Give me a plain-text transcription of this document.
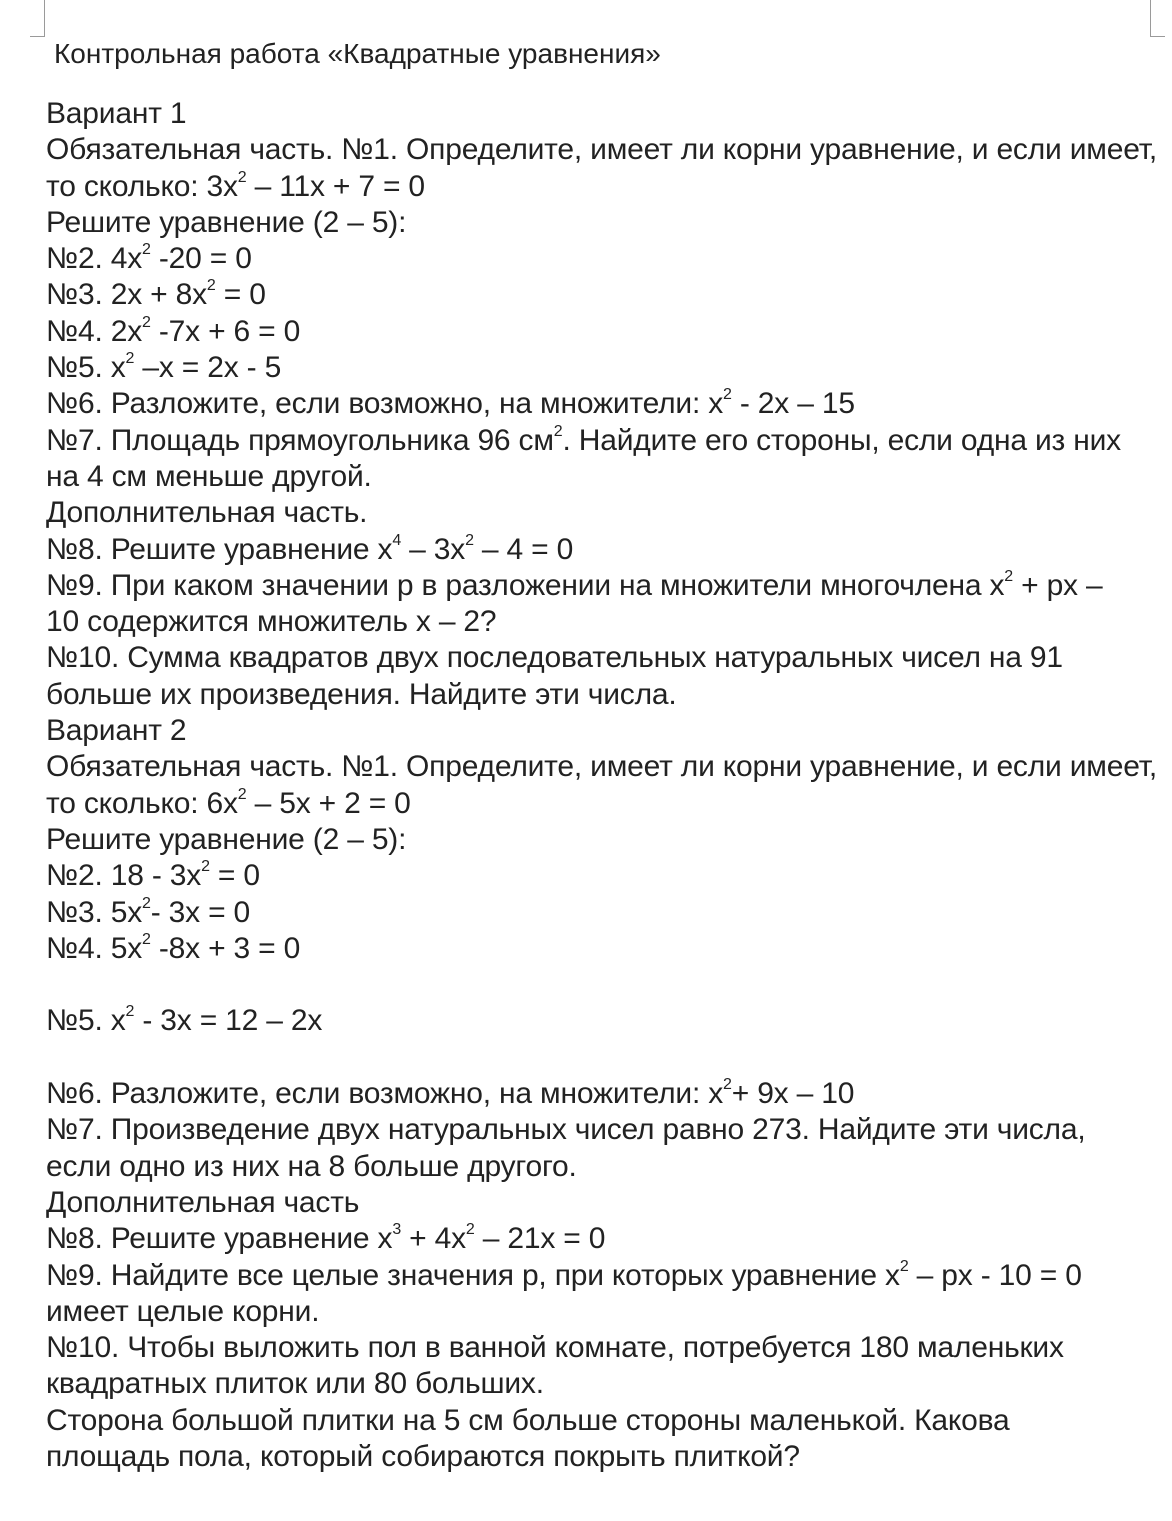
Контрольная работа «Квадратные уравнения»
Вариант 1
Обязательная часть. №1. Определите, имеет ли корни уравнение, и если имеет,
то сколько: $3x^2 - 11x + 7 = 0$
Решите уравнение (2 – 5):
№2. $4x^2$ -20 = 0
№3. $2x + 8x^2 = 0$
№4. $2x^2$ -7x + 6 = 0
№5. $x^2$ –x = 2x - 5
№6. Разложите, если возможно, на множители: $x^2 - 2x - 15$
№7. Площадь прямоугольника 96 $см^2$. Найдите его стороны, если одна из них
на 4 см меньше другой.
Дополнительная часть.
№8. Решите уравнение $x^4 - 3x^2 - 4 = 0$
№9. При каком значении р в разложении на множители многочлена $x^2$ + px –
10 содержится множитель x – 2?
№10. Сумма квадратов двух последовательных натуральных чисел на 91
больше их произведения. Найдите эти числа.
Вариант 2
Обязательная часть. №1. Определите, имеет ли корни уравнение, и если имеет,
то сколько: $6x^2 - 5x + 2 = 0$
Решите уравнение (2 – 5):
№2. $18 - 3x^2 = 0$
№3. $5x^2-$ 3x = 0
№4. $5x^2$ -8x + 3 = 0
№5. $x^2 - 3x = 12 - 2x$
№6. Разложите, если возможно, на множители: $x^2+ 9x - 10$
№7. Произведение двух натуральных чисел равно 273. Найдите эти числа,
если одно из них на 8 больше другого.
Дополнительная часть
№8. Решите уравнение $x^3 + 4x^2 - 21x = 0$
№9. Найдите все целые значения р, при которых уравнение $x^2$ – px - 10 = 0
имеет целые корни.
№10. Чтобы выложить пол в ванной комнате, потребуется 180 маленьких
квадратных плиток или 80 больших.
Сторона большой плитки на 5 см больше стороны маленькой. Какова
площадь пола, который собираются покрыть плиткой?
